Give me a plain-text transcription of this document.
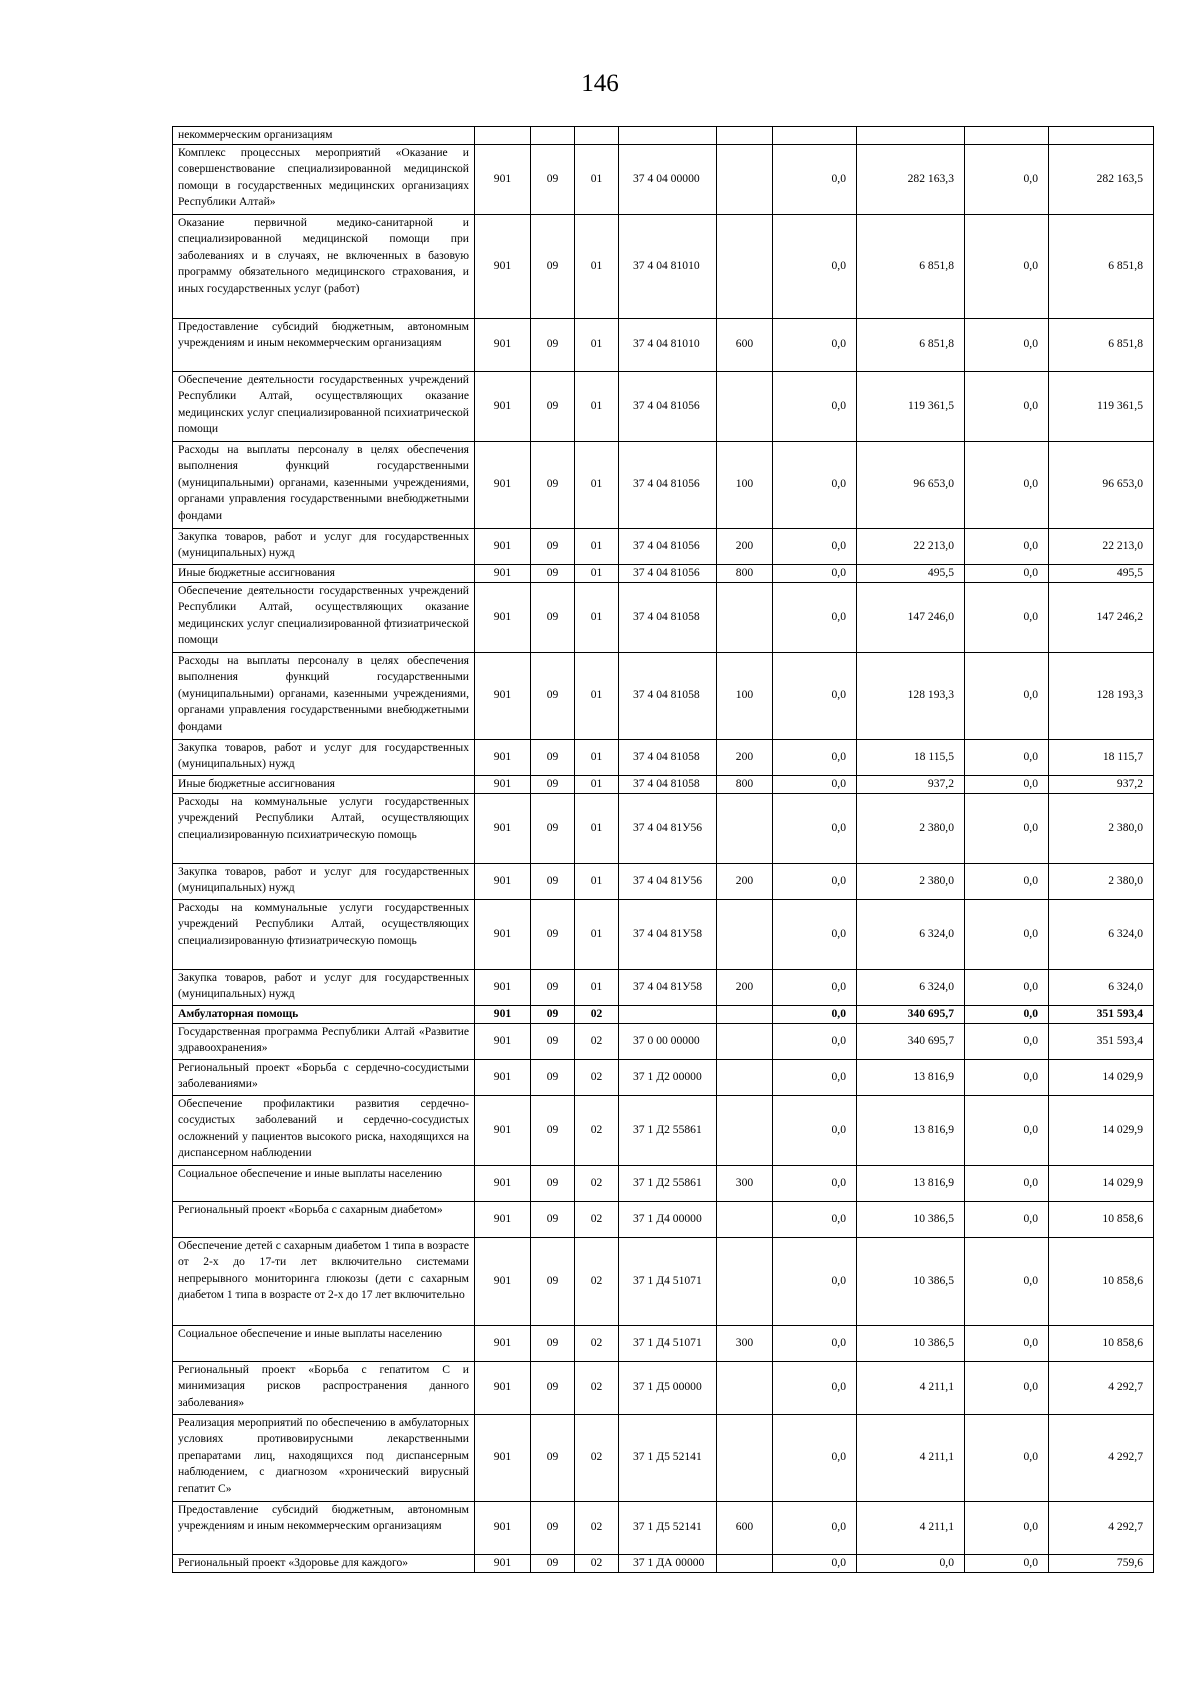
146
некоммерческим организациям									
Комплекс процессных мероприятий «Оказание и совершенствование специализированной медицинской помощи в государственных медицинских организациях Республики Алтай»	901	09	01	37 4 04 00000		0,0	282 163,3	0,0	282 163,5
Оказание первичной медико-санитарной и специализированной медицинской помощи при заболеваниях и в случаях, не включенных в базовую программу обязательного медицинского страхования, и иных государственных услуг (работ)	901	09	01	37 4 04 81010		0,0	6 851,8	0,0	6 851,8
Предоставление субсидий бюджетным, автономным учреждениям и иным некоммерческим организациям	901	09	01	37 4 04 81010	600	0,0	6 851,8	0,0	6 851,8
Обеспечение деятельности государственных учреждений Республики Алтай, осуществляющих оказание медицинских услуг специализированной психиатрической помощи	901	09	01	37 4 04 81056		0,0	119 361,5	0,0	119 361,5
Расходы на выплаты персоналу в целях обеспечения выполнения функций государственными (муниципальными) органами, казенными учреждениями, органами управления государственными внебюджетными фондами	901	09	01	37 4 04 81056	100	0,0	96 653,0	0,0	96 653,0
Закупка товаров, работ и услуг для государственных (муниципальных) нужд	901	09	01	37 4 04 81056	200	0,0	22 213,0	0,0	22 213,0
Иные бюджетные ассигнования	901	09	01	37 4 04 81056	800	0,0	495,5	0,0	495,5
Обеспечение деятельности государственных учреждений Республики Алтай, осуществляющих оказание медицинских услуг специализированной фтизиатрической помощи	901	09	01	37 4 04 81058		0,0	147 246,0	0,0	147 246,2
Расходы на выплаты персоналу в целях обеспечения выполнения функций государственными (муниципальными) органами, казенными учреждениями, органами управления государственными внебюджетными фондами	901	09	01	37 4 04 81058	100	0,0	128 193,3	0,0	128 193,3
Закупка товаров, работ и услуг для государственных (муниципальных) нужд	901	09	01	37 4 04 81058	200	0,0	18 115,5	0,0	18 115,7
Иные бюджетные ассигнования	901	09	01	37 4 04 81058	800	0,0	937,2	0,0	937,2
Расходы на коммунальные услуги государственных учреждений Республики Алтай, осуществляющих специализированную психиатрическую помощь	901	09	01	37 4 04 81У56		0,0	2 380,0	0,0	2 380,0
Закупка товаров, работ и услуг для государственных (муниципальных) нужд	901	09	01	37 4 04 81У56	200	0,0	2 380,0	0,0	2 380,0
Расходы на коммунальные услуги государственных учреждений Республики Алтай, осуществляющих специализированную фтизиатрическую помощь	901	09	01	37 4 04 81У58		0,0	6 324,0	0,0	6 324,0
Закупка товаров, работ и услуг для государственных (муниципальных) нужд	901	09	01	37 4 04 81У58	200	0,0	6 324,0	0,0	6 324,0
Амбулаторная помощь	901	09	02			0,0	340 695,7	0,0	351 593,4
Государственная программа Республики Алтай «Развитие здравоохранения»	901	09	02	37 0 00 00000		0,0	340 695,7	0,0	351 593,4
Региональный проект «Борьба с сердечно-сосудистыми заболеваниями»	901	09	02	37 1 Д2 00000		0,0	13 816,9	0,0	14 029,9
Обеспечение профилактики развития сердечно-сосудистых заболеваний и сердечно-сосудистых осложнений у пациентов высокого риска, находящихся на диспансерном наблюдении	901	09	02	37 1 Д2 55861		0,0	13 816,9	0,0	14 029,9
Социальное обеспечение и иные выплаты населению	901	09	02	37 1 Д2 55861	300	0,0	13 816,9	0,0	14 029,9
Региональный проект «Борьба с сахарным диабетом»	901	09	02	37 1 Д4 00000		0,0	10 386,5	0,0	10 858,6
Обеспечение детей с сахарным диабетом 1 типа в возрасте от 2-х до 17-ти лет включительно системами непрерывного мониторинга глюкозы (дети с сахарным диабетом 1 типа в возрасте от 2-х до 17 лет включительно	901	09	02	37 1 Д4 51071		0,0	10 386,5	0,0	10 858,6
Социальное обеспечение и иные выплаты населению	901	09	02	37 1 Д4 51071	300	0,0	10 386,5	0,0	10 858,6
Региональный проект «Борьба с гепатитом С и минимизация рисков распространения данного заболевания»	901	09	02	37 1 Д5 00000		0,0	4 211,1	0,0	4 292,7
Реализация мероприятий по обеспечению в амбулаторных условиях противовирусными лекарственными препаратами лиц, находящихся под диспансерным наблюдением, с диагнозом «хронический вирусный гепатит С»	901	09	02	37 1 Д5 52141		0,0	4 211,1	0,0	4 292,7
Предоставление субсидий бюджетным, автономным учреждениям и иным некоммерческим организациям	901	09	02	37 1 Д5 52141	600	0,0	4 211,1	0,0	4 292,7
Региональный проект «Здоровье для каждого»	901	09	02	37 1 ДА 00000		0,0	0,0	0,0	759,6
